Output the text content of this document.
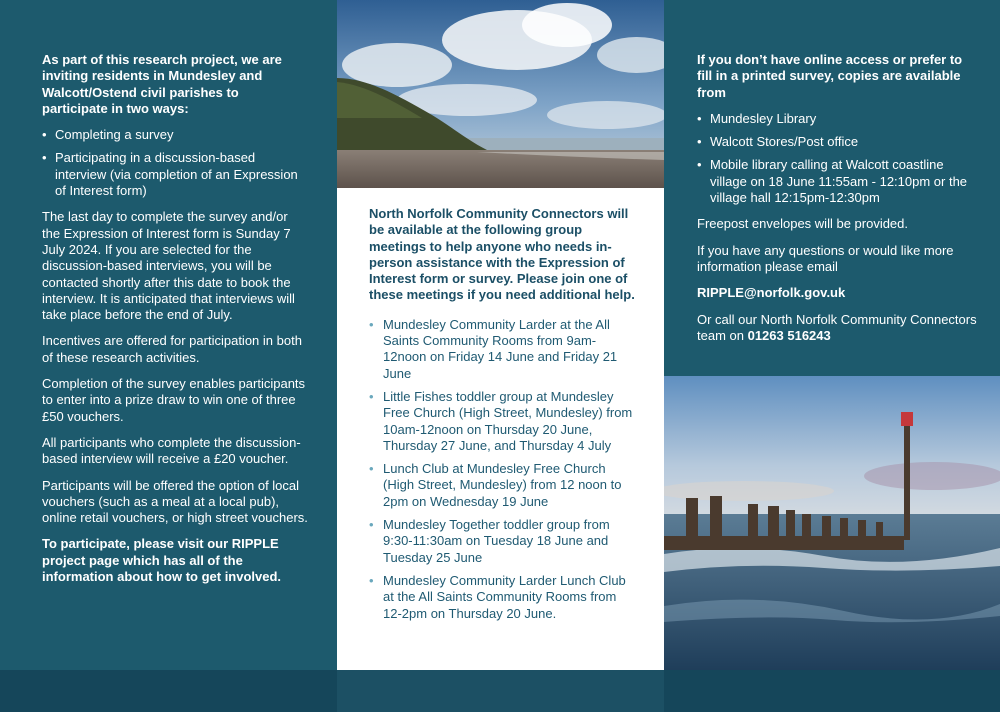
As part of this research project, we are inviting residents in Mundesley and Walcott/Ostend civil parishes to participate in two ways:

• Completing a survey
• Participating in a discussion-based interview (via completion of an Expression of Interest form)

The last day to complete the survey and/or the Expression of Interest form is Sunday 7 July 2024. If you are selected for the discussion-based interviews, you will be contacted shortly after this date to book the interview. It is anticipated that interviews will take place before the end of July.

Incentives are offered for participation in both of these research activities.

Completion of the survey enables participants to enter into a prize draw to win one of three £50 vouchers.

All participants who complete the discussion-based interview will receive a £20 voucher.

Participants will be offered the option of local vouchers (such as a meal at a local pub), online retail vouchers, or high street vouchers.

To participate, please visit our RIPPLE project page which has all of the information about how to get involved.

North Norfolk Community Connectors will be available at the following group meetings to help anyone who needs in-person assistance with the Expression of Interest form or survey. Please join one of these meetings if you need additional help.

• Mundesley Community Larder at the All Saints Community Rooms from 9am-12noon on Friday 14 June and Friday 21 June
• Little Fishes toddler group at Mundesley Free Church (High Street, Mundesley) from 10am-12noon on Thursday 20 June, Thursday 27 June, and Thursday 4 July
• Lunch Club at Mundesley Free Church (High Street, Mundesley) from 12 noon to 2pm on Wednesday 19 June
• Mundesley Together toddler group from 9:30-11:30am on Tuesday 18 June and Tuesday 25 June
• Mundesley Community Larder Lunch Club at the All Saints Community Rooms from 12-2pm on Thursday 20 June.

If you don’t have online access or prefer to fill in a printed survey, copies are available from

• Mundesley Library
• Walcott Stores/Post office
• Mobile library calling at Walcott coastline village on 18 June 11:55am - 12:10pm or the village hall 12:15pm-12:30pm

Freepost envelopes will be provided.

If you have any questions or would like more information please email

RIPPLE@norfolk.gov.uk

Or call our North Norfolk Community Connectors team on 01263 516243
